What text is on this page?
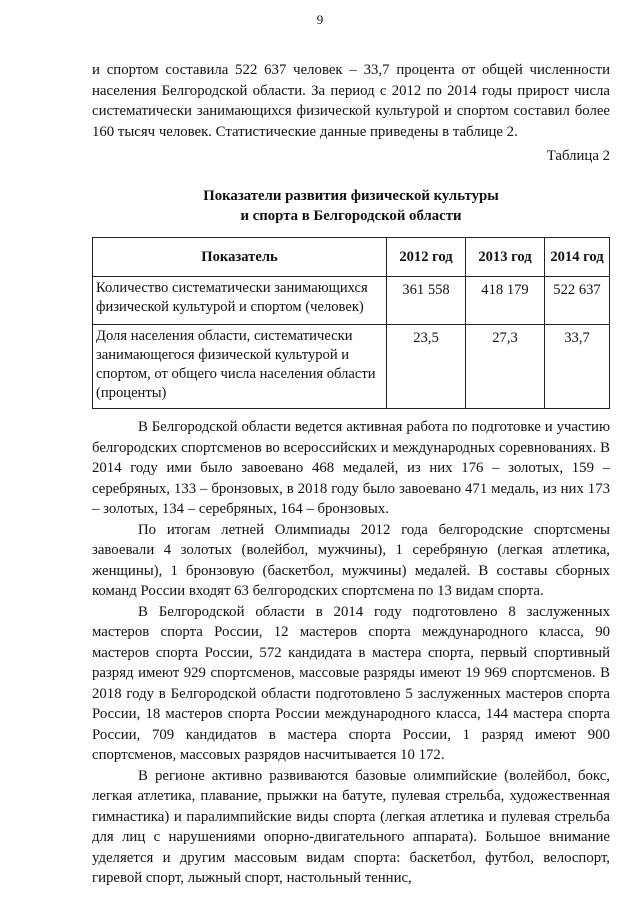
9

и спортом составила 522 637 человек – 33,7 процента от общей численности населения Белгородской области. За период с 2012 по 2014 годы прирост числа систематически занимающихся физической культурой и спортом составил более 160 тысяч человек. Статистические данные приведены в таблице 2.

Таблица 2
Показатели развития физической культуры
и спорта в Белгородской области
Показатель	2012 год	2013 год	2014 год
Количество систематически занимающихся физической культурой и спортом (человек)	361 558	418 179	522 637
Доля населения области, систематически занимающегося физической культурой и спортом, от общего числа населения области (проценты)	23,5	27,3	33,7

В Белгородской области ведется активная работа по подготовке и участию белгородских спортсменов во всероссийских и международных соревнованиях. В 2014 году ими было завоевано 468 медалей, из них 176 – золотых, 159 – серебряных, 133 – бронзовых, в 2018 году было завоевано 471 медаль, из них 173 – золотых, 134 – серебряных, 164 – бронзовых.

По итогам летней Олимпиады 2012 года белгородские спортсмены завоевали 4 золотых (волейбол, мужчины), 1 серебряную (легкая атлетика, женщины), 1 бронзовую (баскетбол, мужчины) медалей. В составы сборных команд России входят 63 белгородских спортсмена по 13 видам спорта.

В Белгородской области в 2014 году подготовлено 8 заслуженных мастеров спорта России, 12 мастеров спорта международного класса, 90 мастеров спорта России, 572 кандидата в мастера спорта, первый спортивный разряд имеют 929 спортсменов, массовые разряды имеют 19 969 спортсменов. В 2018 году в Белгородской области подготовлено 5 заслуженных мастеров спорта России, 18 мастеров спорта России международного класса, 144 мастера спорта России, 709 кандидатов в мастера спорта России, 1 разряд имеют 900 спортсменов, массовых разрядов насчитывается 10 172.

В регионе активно развиваются базовые олимпийские (волейбол, бокс, легкая атлетика, плавание, прыжки на батуте, пулевая стрельба, художественная гимнастика) и паралимпийские виды спорта (легкая атлетика и пулевая стрельба для лиц с нарушениями опорно-двигательного аппарата). Большое внимание уделяется и другим массовым видам спорта: баскетбол, футбол, велоспорт, гиревой спорт, лыжный спорт, настольный теннис,
